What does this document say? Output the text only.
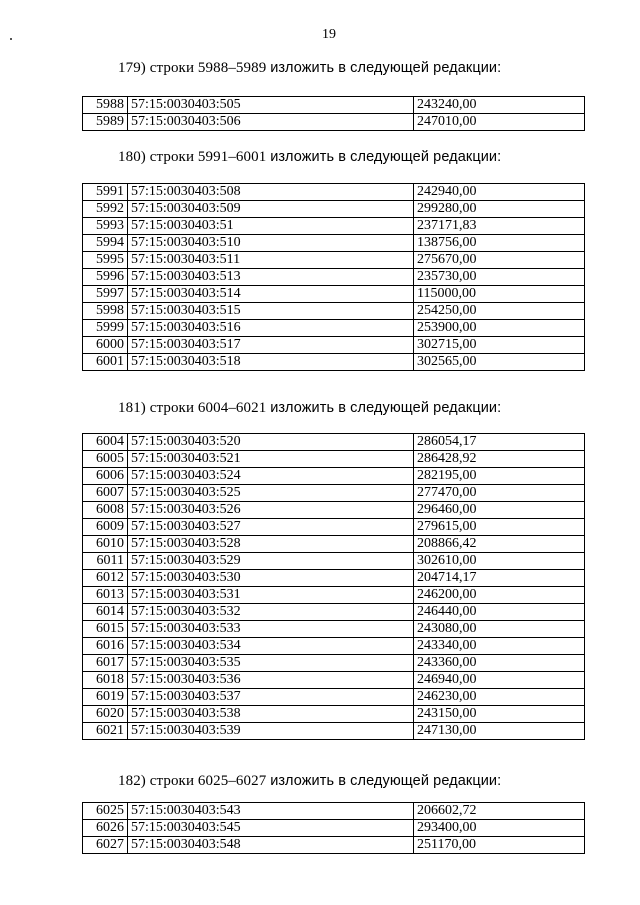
19
179) строки 5988–5989 изложить в следующей редакции:
5988	57:15:0030403:505	243240,00
5989	57:15:0030403:506	247010,00
180) строки 5991–6001 изложить в следующей редакции:
5991	57:15:0030403:508	242940,00
5992	57:15:0030403:509	299280,00
5993	57:15:0030403:51	237171,83
5994	57:15:0030403:510	138756,00
5995	57:15:0030403:511	275670,00
5996	57:15:0030403:513	235730,00
5997	57:15:0030403:514	115000,00
5998	57:15:0030403:515	254250,00
5999	57:15:0030403:516	253900,00
6000	57:15:0030403:517	302715,00
6001	57:15:0030403:518	302565,00
181) строки 6004–6021 изложить в следующей редакции:
6004	57:15:0030403:520	286054,17
6005	57:15:0030403:521	286428,92
6006	57:15:0030403:524	282195,00
6007	57:15:0030403:525	277470,00
6008	57:15:0030403:526	296460,00
6009	57:15:0030403:527	279615,00
6010	57:15:0030403:528	208866,42
6011	57:15:0030403:529	302610,00
6012	57:15:0030403:530	204714,17
6013	57:15:0030403:531	246200,00
6014	57:15:0030403:532	246440,00
6015	57:15:0030403:533	243080,00
6016	57:15:0030403:534	243340,00
6017	57:15:0030403:535	243360,00
6018	57:15:0030403:536	246940,00
6019	57:15:0030403:537	246230,00
6020	57:15:0030403:538	243150,00
6021	57:15:0030403:539	247130,00
182) строки 6025–6027 изложить в следующей редакции:
6025	57:15:0030403:543	206602,72
6026	57:15:0030403:545	293400,00
6027	57:15:0030403:548	251170,00
